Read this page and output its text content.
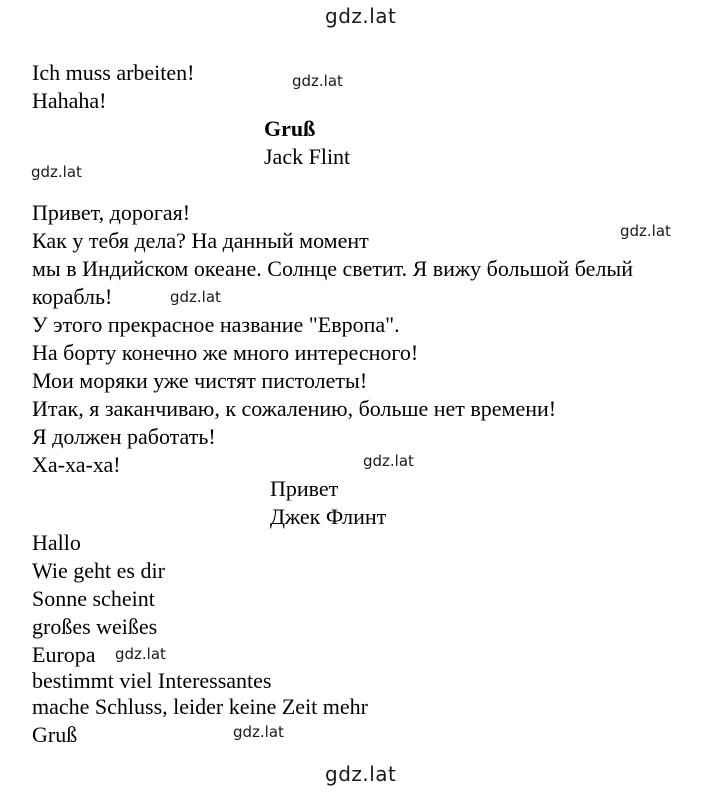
gdz.lat
gdz.lat
gdz.lat
gdz.lat
gdz.lat
gdz.lat
gdz.lat
gdz.lat
gdz.lat
Ich muss arbeiten!
Hahaha!
Gruß
Jack Flint
Привет, дорогая!
Как у тебя дела? На данный момент
мы в Индийском океане. Солнце светит. Я вижу большой белый
корабль!
У этого прекрасное название "Европа".
На борту конечно же много интересного!
Мои моряки уже чистят пистолеты!
Итак, я заканчиваю, к сожалению, больше нет времени!
Я должен работать!
Ха-ха-ха!
Привет
Джек Флинт
Hallo
Wie geht es dir
Sonne scheint
großes weißes
Europa
bestimmt viel Interessantes
mache Schluss, leider keine Zeit mehr
Gruß
